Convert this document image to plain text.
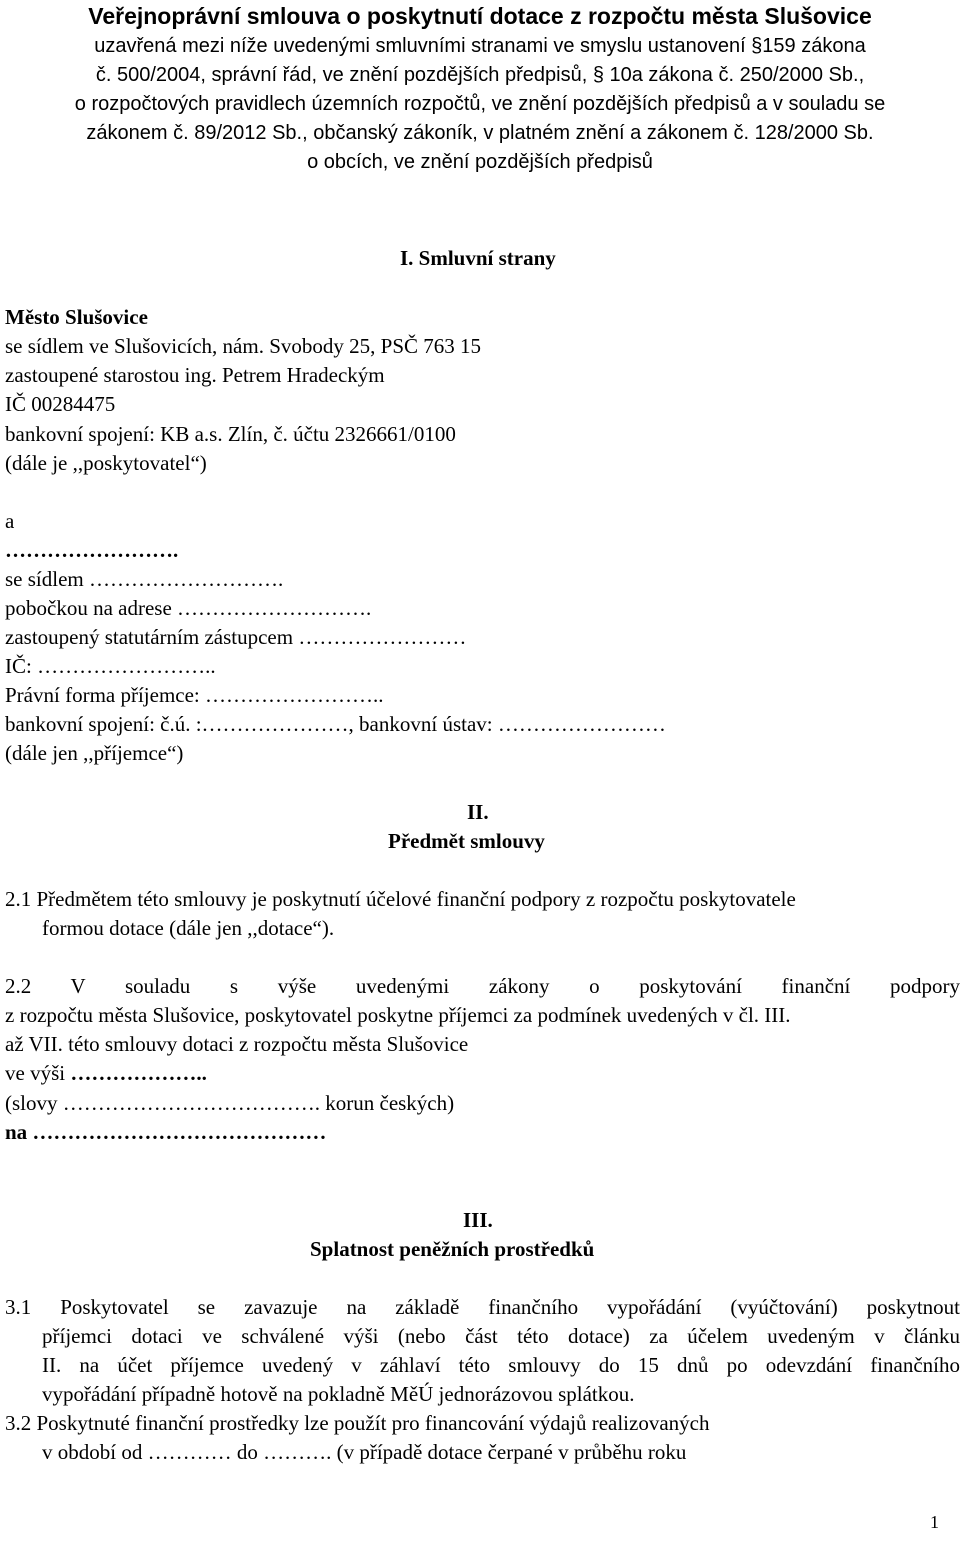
Veřejnoprávní smlouva o poskytnutí dotace z rozpočtu města Slušovice
uzavřená mezi níže uvedenými smluvními stranami ve smyslu ustanovení §159 zákona
č. 500/2004, správní řád, ve znění pozdějších předpisů, § 10a zákona č. 250/2000 Sb.,
o rozpočtových pravidlech územních rozpočtů, ve znění pozdějších předpisů a v souladu se
zákonem č. 89/2012 Sb., občanský zákoník, v platném znění a zákonem č. 128/2000 Sb.
o obcích, ve znění pozdějších předpisů
I. Smluvní strany
Město Slušovice
se sídlem ve Slušovicích, nám. Svobody 25, PSČ 763 15
zastoupené starostou ing. Petrem Hradeckým
IČ 00284475
bankovní spojení: KB a.s. Zlín, č. účtu 2326661/0100
(dále je ,,poskytovatel“)
a
…………………….
se sídlem ……………………….
pobočkou na adrese ……………………….
zastoupený statutárním zástupcem ……………………
IČ: ……………………..
Právní forma příjemce: ……………………..
bankovní spojení: č.ú. :…………………, bankovní ústav: ……………………
(dále jen ,,příjemce“)
II.
Předmět smlouvy
2.1 Předmětem této smlouvy je poskytnutí účelové finanční podpory z rozpočtu poskytovatele
formou dotace (dále jen ,,dotace“).
2.2 V souladu s výše uvedenými zákony o poskytování finanční podpory
z rozpočtu města Slušovice, poskytovatel poskytne příjemci za podmínek uvedených v čl. III.
až VII. této smlouvy dotaci z rozpočtu města Slušovice
ve výši ………………..
(slovy ………………………………. korun českých)
na ……………………………………
III.
Splatnost peněžních prostředků
3.1 Poskytovatel se zavazuje na základě finančního vypořádání (vyúčtování) poskytnout
příjemci dotaci ve schválené výši (nebo část této dotace) za účelem uvedeným v článku
II. na účet příjemce uvedený v záhlaví této smlouvy do 15 dnů po odevzdání finančního
vypořádání případně hotově na pokladně MěÚ jednorázovou splátkou.
3.2 Poskytnuté finanční prostředky lze použít pro financování výdajů realizovaných
v období od ………… do ………. (v případě dotace čerpané v průběhu roku
1
